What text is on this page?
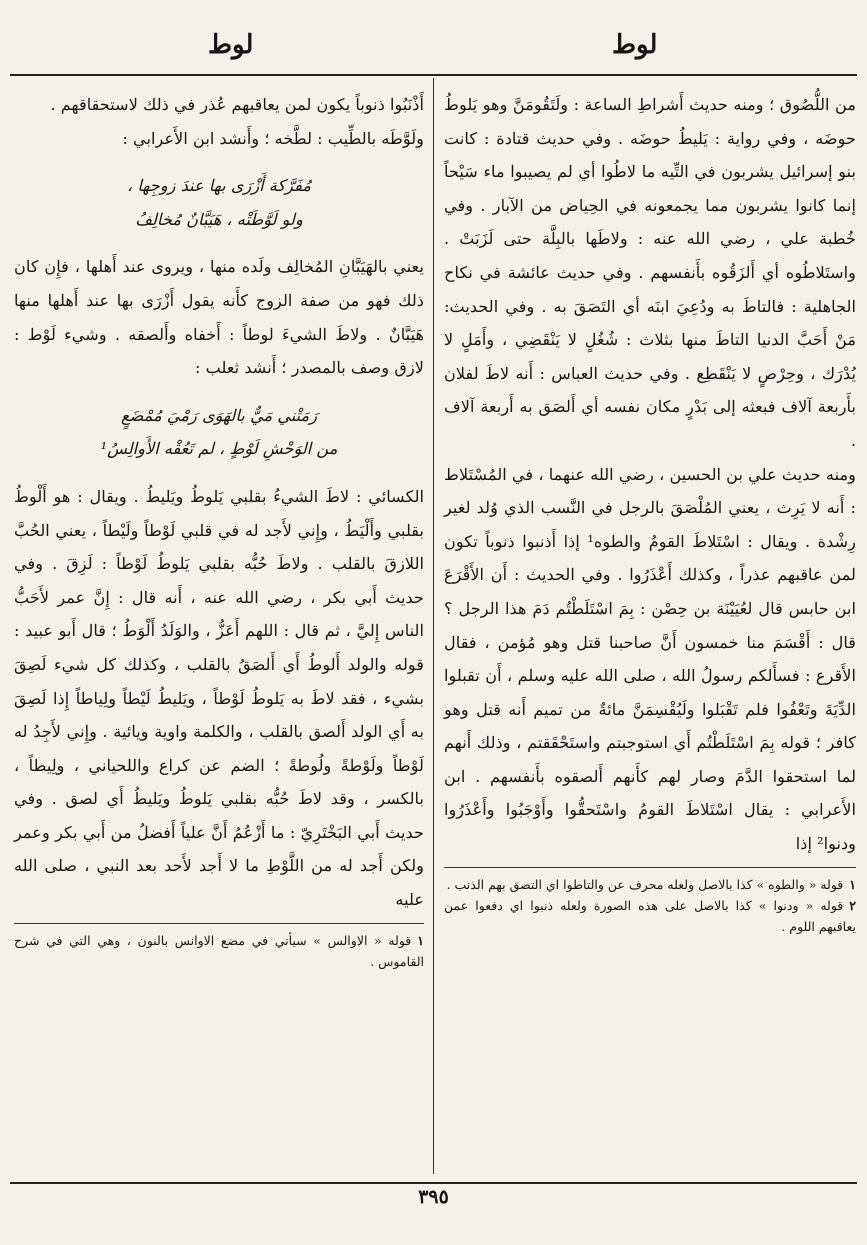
لوط
لوط

من اللُّصُوق ؛ ومنه حديث أَشراطِ الساعة : ولَتَقُومَنَّ وهو يَلوطُ حوضَه ، وفي رواية : يَليطُ حوضَه . وفي حديث قتادة : كانت بنو إسرائيل يشربون في التِّيه ما لاطُوا أي لم يصيبوا ماء سَيْحاً إنما كانوا يشربون مما يجمعونه في الحِياض من الآبار . وفي خُطبة علي ، رضي الله عنه : ولاطَها بالبِلَّة حتى لَزَبَتْ . واستَلاطُوه أي أَلزَقُوه بأَنفسهم . وفي حديث عائشة في نكاح الجاهلية : فالتاطَ به ودُعِيَ ابنَه أي التَصَقَ به . وفي الحديث: مَنْ أَحَبَّ الدنيا التاطَ منها بثلاث : شُغُلٍ لا يَنْقَضِي ، وأَمَلٍ لا يُدْرَك ، وحِرْصٍ لا يَنْقَطِع . وفي حديث العباس : أَنه لاطَ لفلان بأَربعة آلاف فبعثه إلى بَدْرٍ مكان نفسه أي أَلصَق به أَربعة آلاف .

ومنه حديث علي بن الحسين ، رضي الله عنهما ، في المُسْتَلاط : أَنه لا يَرِث ، يعني المُلْصَقَ بالرجل في النَّسب الذي وُلد لغير رِشْدة . ويقال : اسْتَلاطَ القومُ والطوه¹ إذا أَذنبوا ذنوباً تكون لمن عاقبهم عذراً ، وكذلك أَعْذَرُوا . وفي الحديث : أَن الأَقْرَعَ ابن حابس قال لعُيَيْنَة بن حِصْن : بِمَ اسْتَلَطْتُم دَمَ هذا الرجل ؟ قال : أَقْسَمَ منا خمسون أَنَّ صاحبنا قتل وهو مُؤمن ، فقال الأَقرع : فسأَلكم رسولُ الله ، صلى الله عليه وسلم ، أَن تقبلوا الدِّيَةَ وتَعْفُوا فلم تَقْبَلوا ولَيُقْسِمَنَّ مائةٌ من تميم أَنه قتل وهو كافر ؛ قوله بِمَ اسْتَلَطْتُم أَي استوجبتم واستَحْقَقتم ، وذلك أَنهم لما استحقوا الدَّمَ وصار لهم كأَنهم أَلصقوه بأَنفسهم . ابن الأَعرابي : يقال اسْتَلاطَ القومُ واسْتَحقُّوا وأَوْجَبُوا وأَعْذَرُوا ودنوا² إذا

١قوله « والطوه » كذا بالاصل ولعله محرف عن والتاطوا اي التصق بهم الذنب .

٢قوله « ودنوا » كذا بالاصل على هذه الصورة ولعله ذنبوا اي دفعوا عمن يعاقبهم اللوم .

أَذْنَبُوا ذنوباً يكون لمن يعاقبهم عُذر في ذلك لاستحقاقهم .

ولَوَّطَه بالطِّيب : لطَّخه ؛ وأَنشد ابن الأَعرابي :

مُفَرَّكة أَزْرَى بها عندَ زوجِها ،

ولو لَوَّطَتْه ، هَيَبَّانٌ مُخالِفُ

يعني بالهَيَبَّانِ المُخالِف ولَده منها ، ويروى عند أَهلها ، فإِن كان ذلك فهو من صفة الزوج كأَنه يقول أَزْرَى بها عند أَهلها منها هَيَبَّانٌ . ولاطَ الشيءَ لوطاً : أَخفاه وأَلصقه . وشيء لَوْط : لازق وصف بالمصدر ؛ أَنشد ثعلب :

رَمَتْني مَيٌّ بالهَوَى رَمْيَ مُمْضَعٍ

من الوَحْشِ لَوْطٍ ، لم تَعُقْه الأَوالِسُ¹

الكسائي : لاطَ الشيءُ بقلبي يَلوطُ ويَليطُ . ويقال : هو أَلْوطُ بقلبي وأَلْيَطُ ، وإِني لأَجد له في قلبي لَوْطاً ولَيْطاً ، يعني الحُبَّ اللازقَ بالقلب . ولاطَ حُبُّه بقلبي يَلوطُ لَوْطاً : لَزِقَ . وفي حديث أَبي بكر ، رضي الله عنه ، أَنه قال : إِنَّ عمر لأَحَبُّ الناس إِليَّ ، ثم قال : اللهم أَعَزُّ ، والوَلَدُ أَلْوَطُ ؛ قال أَبو عبيد : قوله والولد أَلوطُ أَي أَلصَقُ بالقلب ، وكذلك كل شيء لَصِقَ بشيء ، فقد لاطَ به يَلوطُ لَوْطاً ، ويَليطُ لَيْطاً ولِياطاً إِذا لَصِقَ به أَي الولد أَلصق بالقلب ، والكلمة واوية ويائية . وإِني لأَجِدُ له لَوْطاً ولَوْطةً ولُوطةً ؛ الضم عن كراع واللحياني ، ولِيطاً ، بالكسر ، وقد لاطَ حُبُّه بقلبي يَلوطُ ويَليطُ أَي لصق . وفي حديث أَبي البَخْتَرِيّ : ما أَزْعُمُ أَنَّ علياً أَفضلُ من أَبي بكر وعمر ولكن أَجد له من اللَّوْطِ ما لا أَجد لأَحد بعد النبي ، صلى الله عليه

١قوله « الاوالس » سيأتي في مضع الاوانس بالنون ، وهي التي في شرح القاموس .

٣٩٥
